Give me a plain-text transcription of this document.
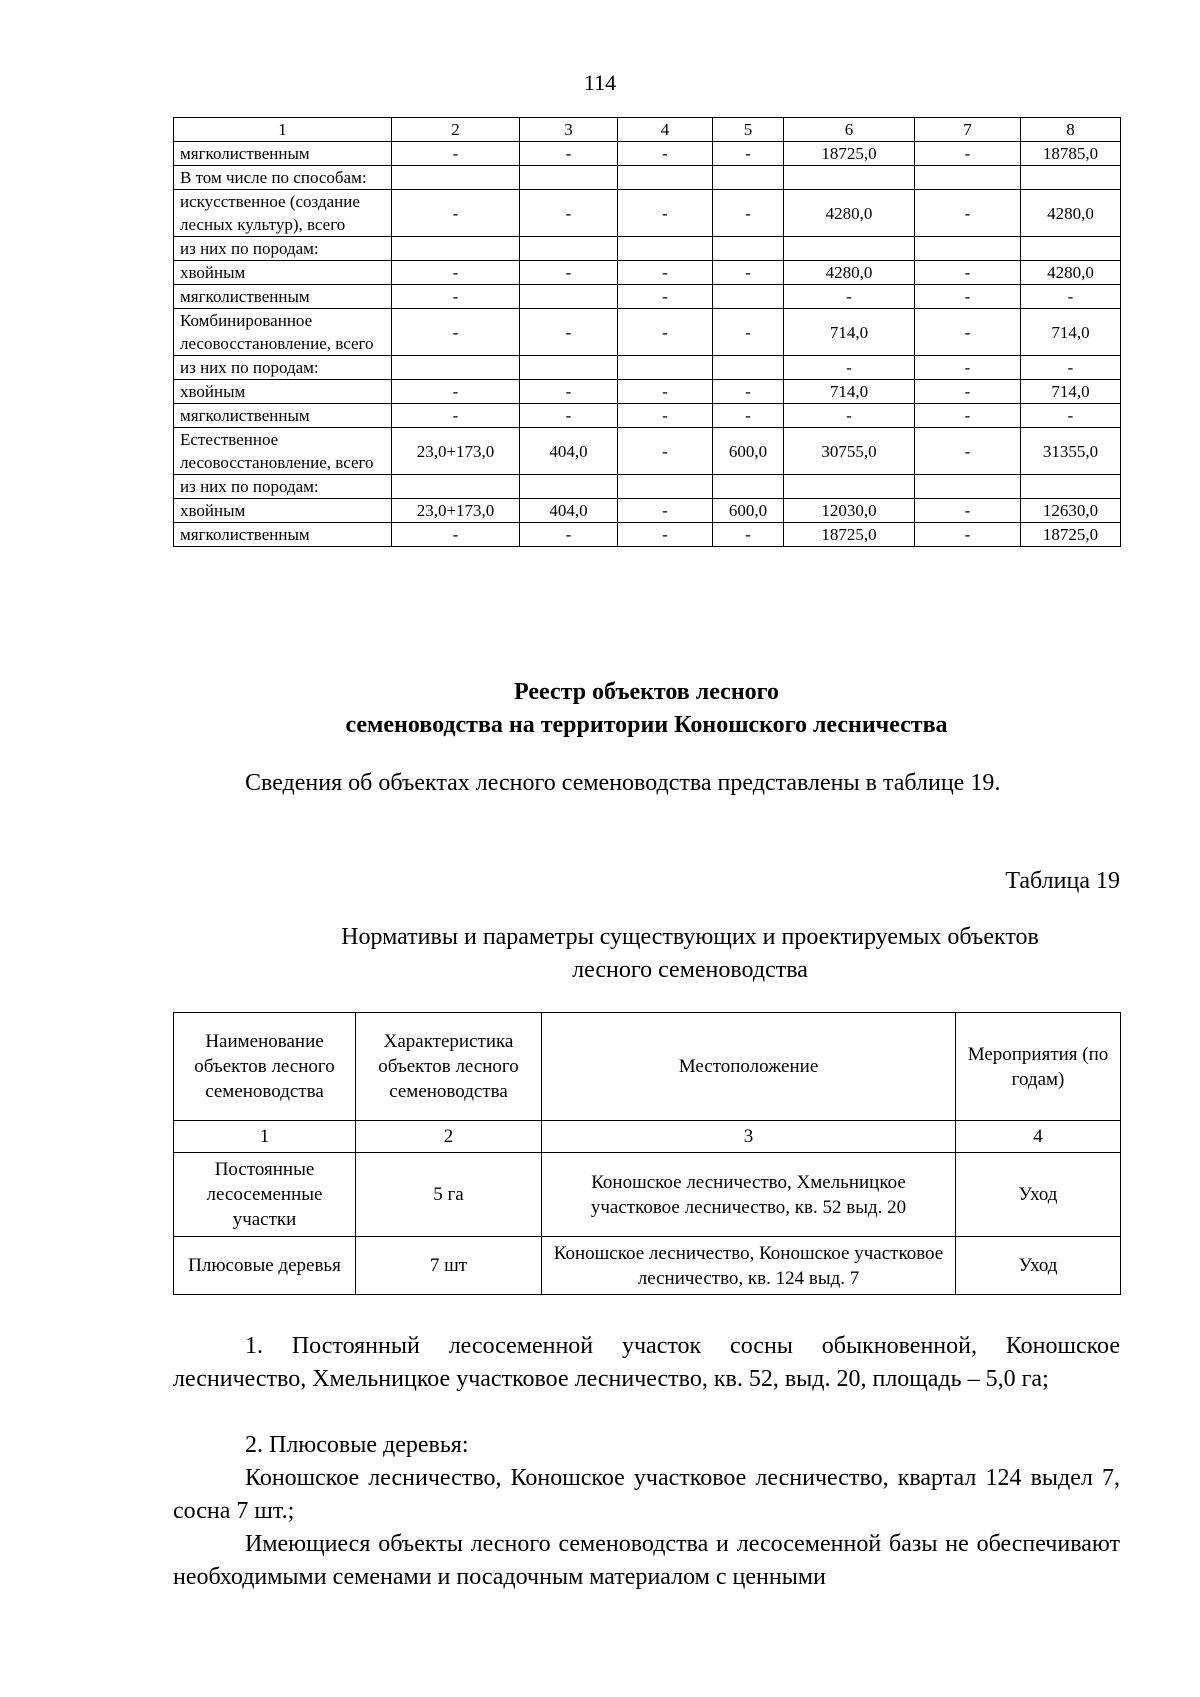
114
1	2	3	4	5	6	7	8
мягколиственным	-	-	-	-	18725,0	-	18785,0
В том числе по способам:							
искусственное (создание лесных культур), всего	-	-	-	-	4280,0	-	4280,0
из них по породам:							
хвойным	-	-	-	-	4280,0	-	4280,0
мягколиственным	-		-		-	-	-
Комбинированное лесовосстановление, всего	-	-	-	-	714,0	-	714,0
из них по породам:					-	-	-
хвойным	-	-	-	-	714,0	-	714,0
мягколиственным	-	-	-	-	-	-	-
Естественное лесовосстановление, всего	23,0+173,0	404,0	-	600,0	30755,0	-	31355,0
из них по породам:							
хвойным	23,0+173,0	404,0	-	600,0	12030,0	-	12630,0
мягколиственным	-	-	-	-	18725,0	-	18725,0
Реестр объектов лесного
семеноводства на территории Коношского лесничества
Сведения об объектах лесного семеноводства представлены в таблице 19.
Таблица 19
Нормативы и параметры существующих и проектируемых объектов
лесного семеноводства
Наименование объектов лесного семеноводства	Характеристика объектов лесного семеноводства	Местоположение	Мероприятия (по годам)
1	2	3	4
Постоянные лесосеменные участки	5 га	Коношское лесничество, Хмельницкое участковое лесничество, кв. 52 выд. 20	Уход
Плюсовые деревья	7 шт	Коношское лесничество, Коношское участковое лесничество, кв. 124 выд. 7	Уход
1. Постоянный лесосеменной участок сосны обыкновенной, Коношское лесничество, Хмельницкое участковое лесничество, кв. 52, выд. 20, площадь – 5,0 га;
2. Плюсовые деревья:
Коношское лесничество, Коношское участковое лесничество, квартал 124 выдел 7, сосна 7 шт.;
Имеющиеся объекты лесного семеноводства и лесосеменной базы не обеспечивают необходимыми семенами и посадочным материалом с ценными
